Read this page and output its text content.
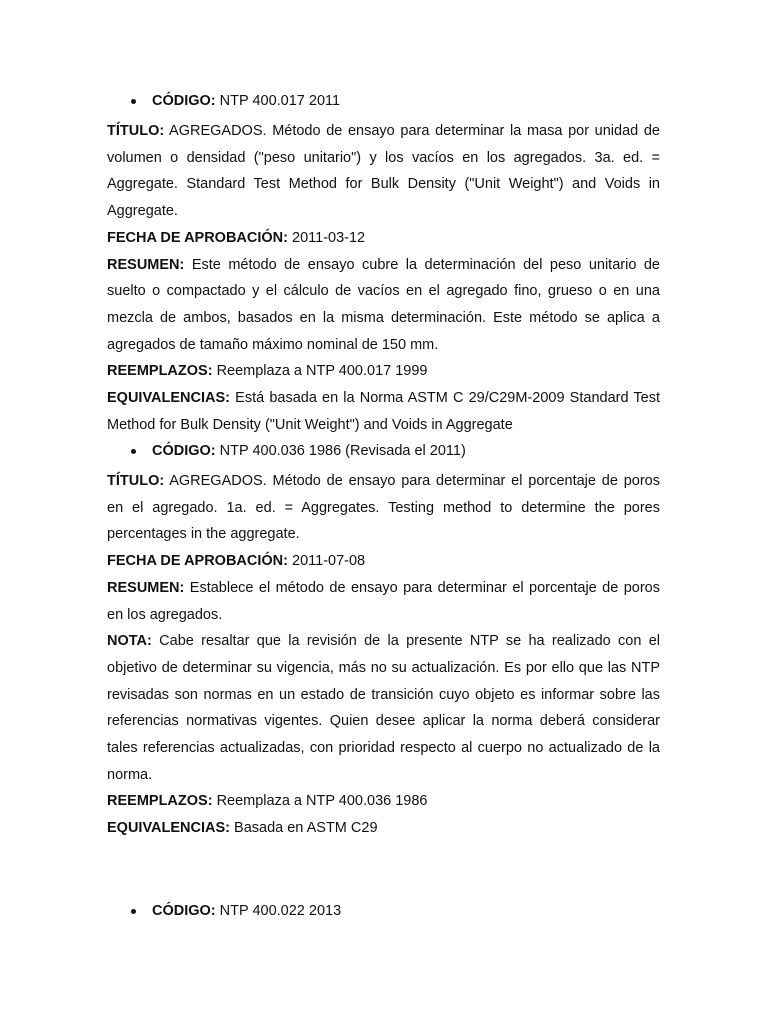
CÓDIGO: NTP 400.017 2011

TÍTULO: AGREGADOS. Método de ensayo para determinar la masa por unidad de volumen o densidad ("peso unitario") y los vacíos en los agregados. 3a. ed. = Aggregate. Standard Test Method for Bulk Density ("Unit Weight") and Voids in Aggregate.

FECHA DE APROBACIÓN: 2011-03-12

RESUMEN: Este método de ensayo cubre la determinación del peso unitario de suelto o compactado y el cálculo de vacíos en el agregado fino, grueso o en una mezcla de ambos, basados en la misma determinación. Este método se aplica a agregados de tamaño máximo nominal de 150 mm.

REEMPLAZOS: Reemplaza a NTP 400.017 1999

EQUIVALENCIAS: Está basada en la Norma ASTM C 29/C29M-2009 Standard Test Method for Bulk Density ("Unit Weight") and Voids in Aggregate

CÓDIGO: NTP 400.036 1986 (Revisada el 2011)

TÍTULO: AGREGADOS. Método de ensayo para determinar el porcentaje de poros en el agregado. 1a. ed. = Aggregates. Testing method to determine the pores percentages in the aggregate.

FECHA DE APROBACIÓN: 2011-07-08

RESUMEN: Establece el método de ensayo para determinar el porcentaje de poros en los agregados.

NOTA: Cabe resaltar que la revisión de la presente NTP se ha realizado con el objetivo de determinar su vigencia, más no su actualización. Es por ello que las NTP revisadas son normas en un estado de transición cuyo objeto es informar sobre las referencias normativas vigentes. Quien desee aplicar la norma deberá considerar tales referencias actualizadas, con prioridad respecto al cuerpo no actualizado de la norma.

REEMPLAZOS: Reemplaza a NTP 400.036 1986

EQUIVALENCIAS: Basada en ASTM C29

CÓDIGO: NTP 400.022 2013
